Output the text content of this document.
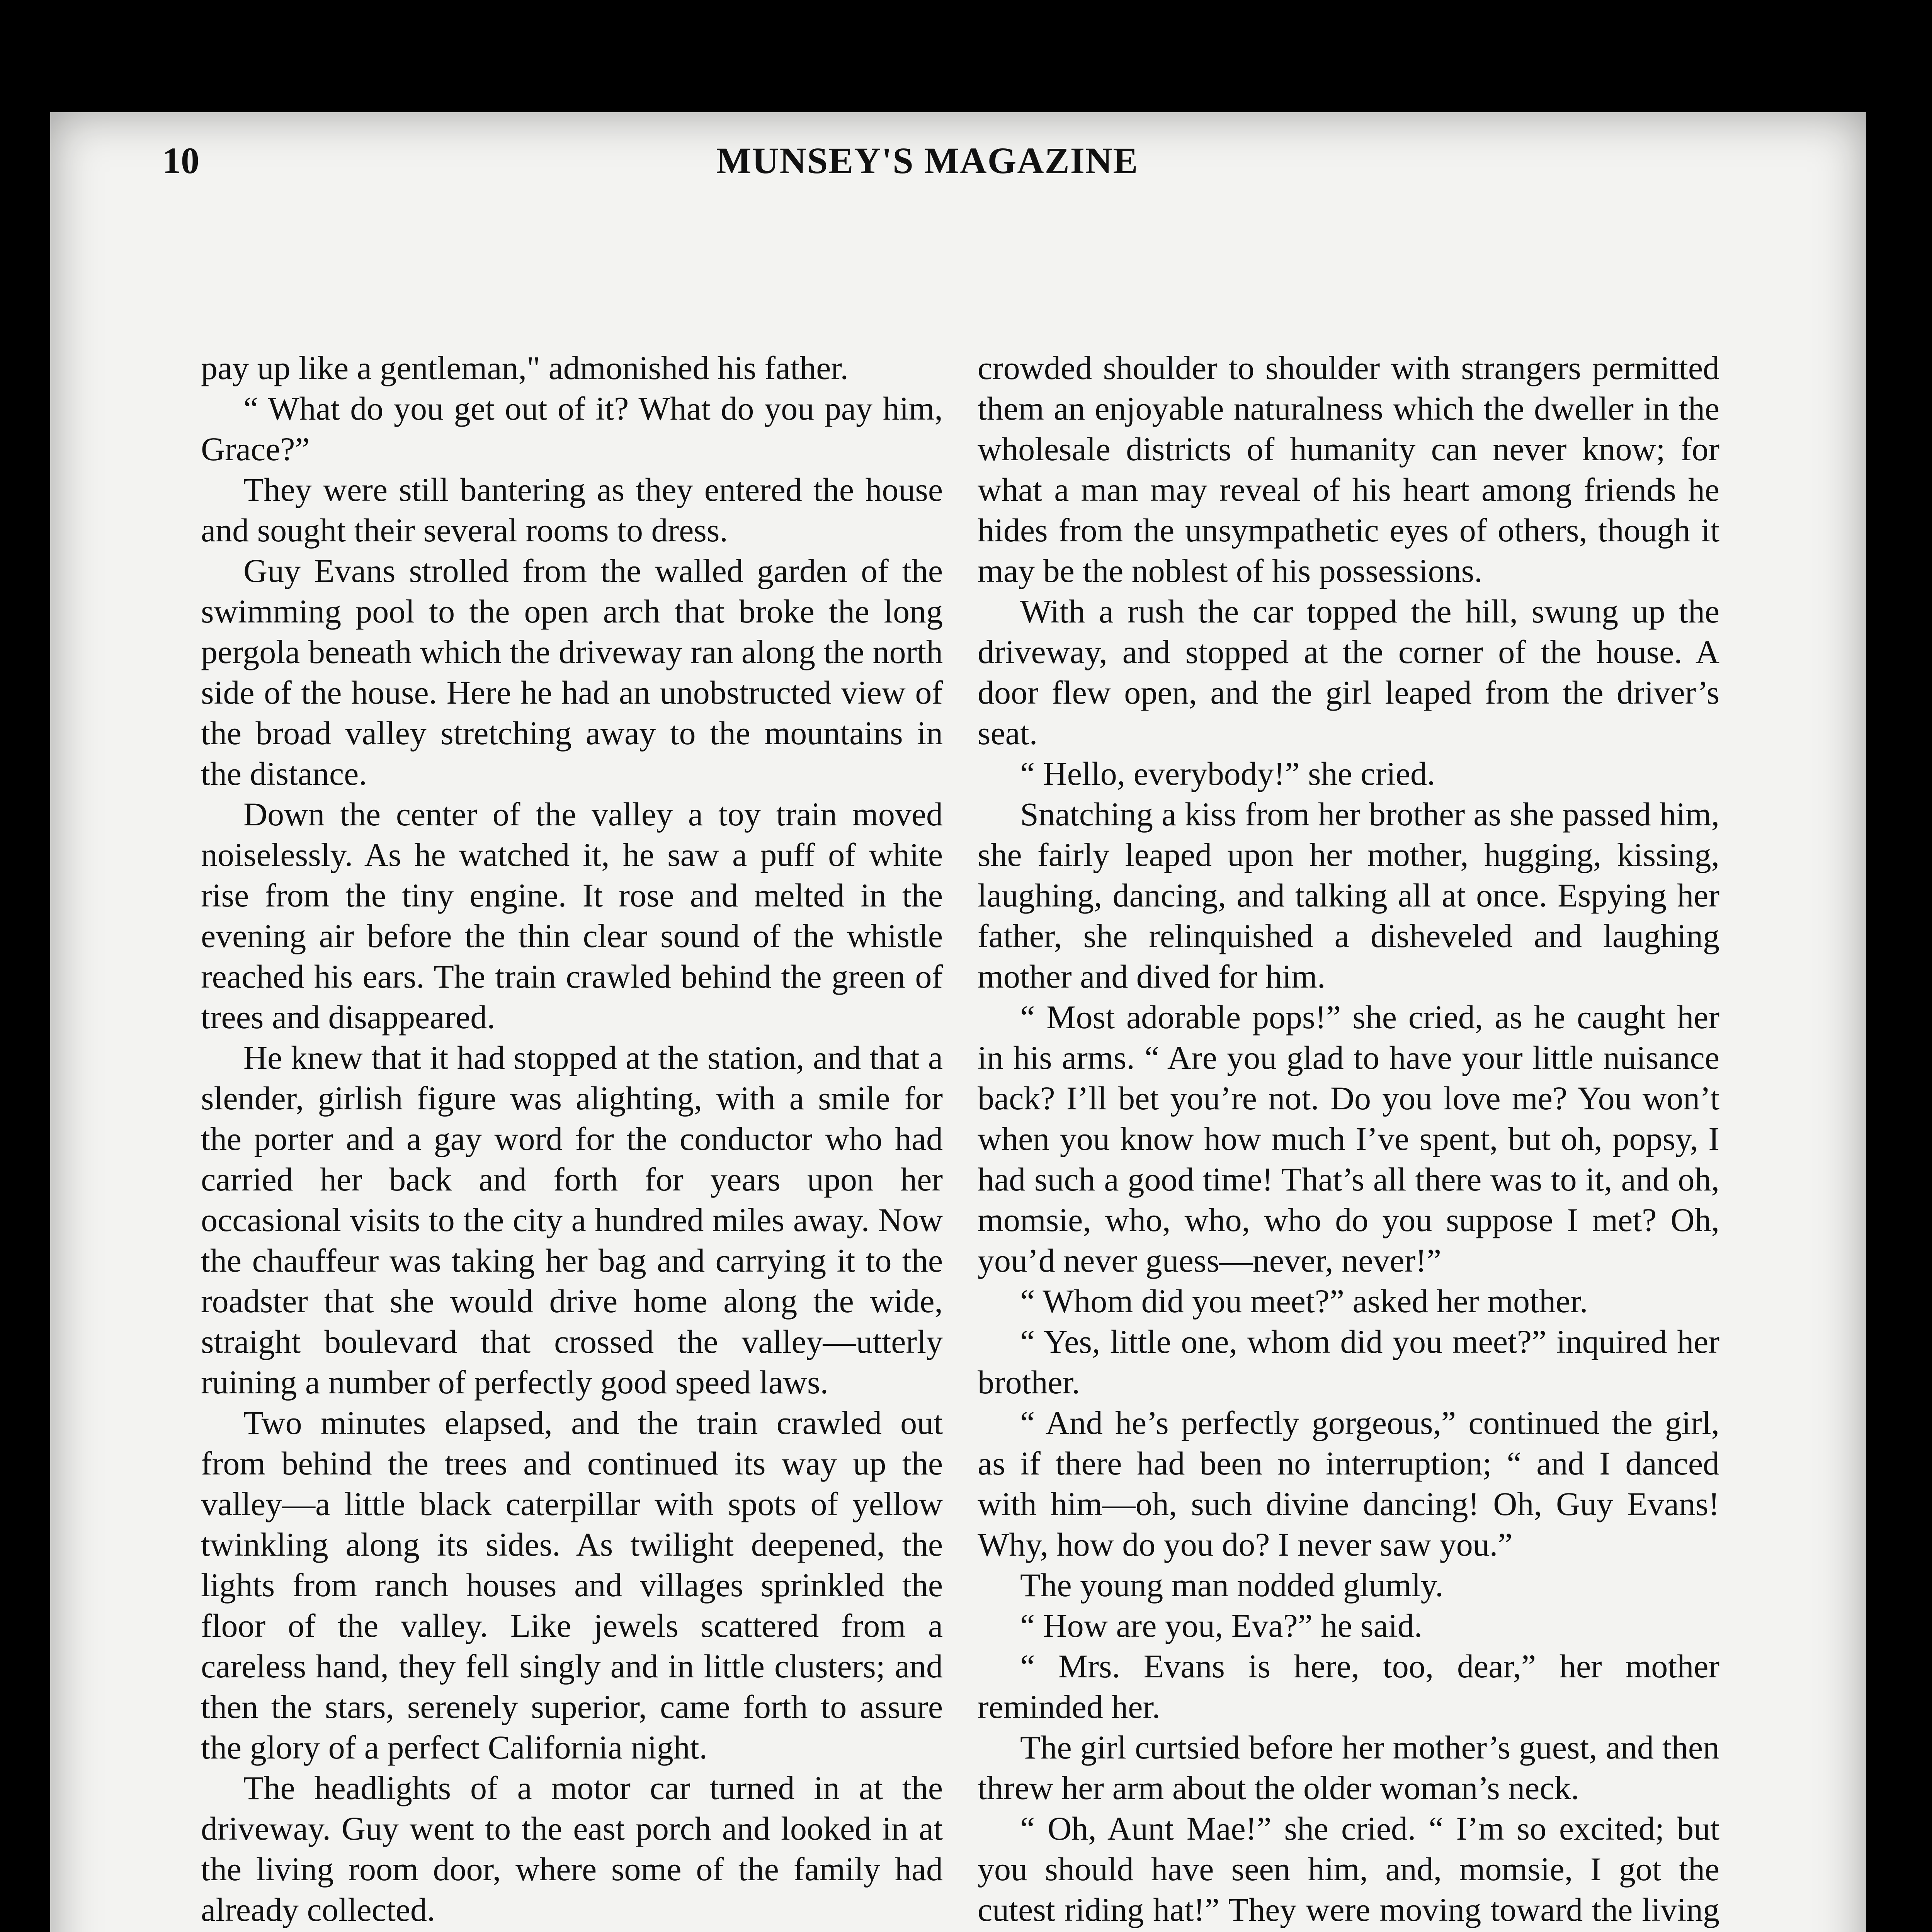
10	MUNSEY'S MAGAZINE

pay up like a gentleman," admonished his father.

“ What do you get out of it? What do you pay him, Grace?”

They were still bantering as they entered the house and sought their several rooms to dress.

Guy Evans strolled from the walled garden of the swimming pool to the open arch that broke the long pergola beneath which the driveway ran along the north side of the house. Here he had an unobstructed view of the broad valley stretching away to the mountains in the distance.

Down the center of the valley a toy train moved noiselessly. As he watched it, he saw a puff of white rise from the tiny engine. It rose and melted in the evening air before the thin clear sound of the whistle reached his ears. The train crawled behind the green of trees and disappeared.

He knew that it had stopped at the station, and that a slender, girlish figure was alighting, with a smile for the porter and a gay word for the conductor who had carried her back and forth for years upon her occasional visits to the city a hundred miles away. Now the chauffeur was taking her bag and carrying it to the roadster that she would drive home along the wide, straight boulevard that crossed the valley—utterly ruining a number of perfectly good speed laws.

Two minutes elapsed, and the train crawled out from behind the trees and continued its way up the valley—a little black caterpillar with spots of yellow twinkling along its sides. As twilight deepened, the lights from ranch houses and villages sprinkled the floor of the valley. Like jewels scattered from a careless hand, they fell singly and in little clusters; and then the stars, serenely superior, came forth to assure the glory of a perfect California night.

The headlights of a motor car turned in at the driveway. Guy went to the east porch and looked in at the living room door, where some of the family had already collected.

crowded shoulder to shoulder with strangers permitted them an enjoyable naturalness which the dweller in the wholesale districts of humanity can never know; for what a man may reveal of his heart among friends he hides from the unsympathetic eyes of others, though it may be the noblest of his possessions.

With a rush the car topped the hill, swung up the driveway, and stopped at the corner of the house. A door flew open, and the girl leaped from the driver’s seat.

“ Hello, everybody!” she cried.

Snatching a kiss from her brother as she passed him, she fairly leaped upon her mother, hugging, kissing, laughing, dancing, and talking all at once. Espying her father, she relinquished a disheveled and laughing mother and dived for him.

“ Most adorable pops!” she cried, as he caught her in his arms. “ Are you glad to have your little nuisance back? I’ll bet you’re not. Do you love me? You won’t when you know how much I’ve spent, but oh, popsy, I had such a good time! That’s all there was to it, and oh, momsie, who, who, who do you suppose I met? Oh, you’d never guess—never, never!”

“ Whom did you meet?” asked her mother.

“ Yes, little one, whom did you meet?” inquired her brother.

“ And he’s perfectly gorgeous,” continued the girl, as if there had been no interruption; “ and I danced with him—oh, such divine dancing! Oh, Guy Evans! Why, how do you do? I never saw you.”

The young man nodded glumly.

“ How are you, Eva?” he said.

“ Mrs. Evans is here, too, dear,” her mother reminded her.

The girl curtsied before her mother’s guest, and then threw her arm about the older woman’s neck.

“ Oh, Aunt Mae!” she cried. “ I’m so excited; but you should have seen him, and, momsie, I got the cutest riding hat!” They were moving toward the living
